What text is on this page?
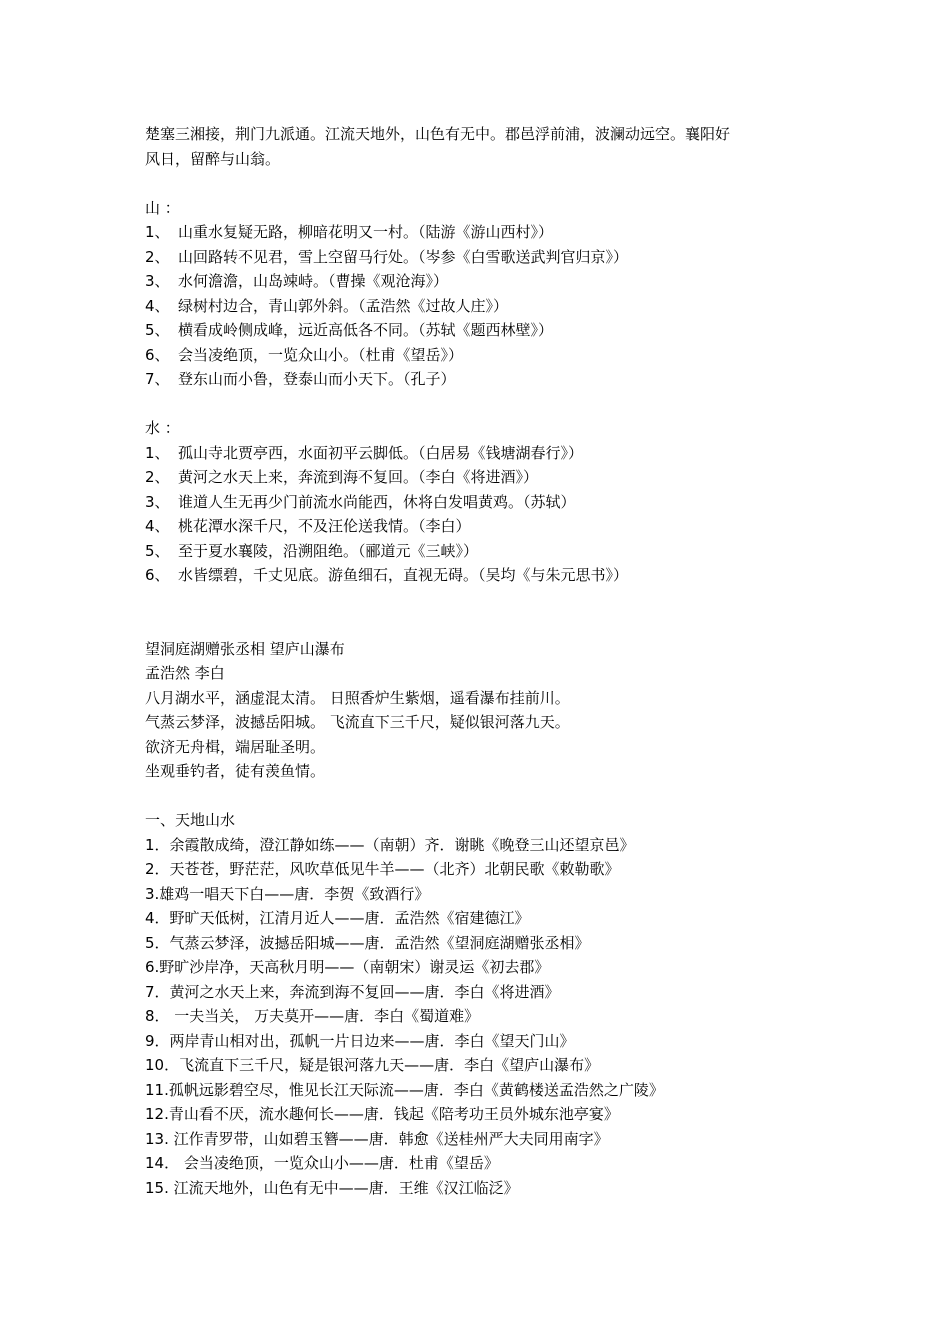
楚塞三湘接，荆门九派通。江流天地外，山色有无中。郡邑浮前浦，波澜动远空。襄阳好
风日，留醉与山翁。
山 ：
1、 山重水复疑无路，柳暗花明又一村。（陆游《游山西村》）
2、 山回路转不见君，雪上空留马行处。（岑参《白雪歌送武判官归京》）
3、 水何澹澹，山岛竦峙。（曹操《观沧海》）
4、 绿树村边合，青山郭外斜。（孟浩然《过故人庄》）
5、 横看成岭侧成峰，远近高低各不同。（苏轼《题西林壁》）
6、 会当凌绝顶，一览众山小。（杜甫《望岳》）
7、 登东山而小鲁，登泰山而小天下。（孔子）
水 ：
1、 孤山寺北贾亭西，水面初平云脚低。（白居易《钱塘湖春行》）
2、 黄河之水天上来，奔流到海不复回。（李白《将进酒》）
3、 谁道人生无再少门前流水尚能西，休将白发唱黄鸡。（苏轼）
4、 桃花潭水深千尺，不及汪伦送我情。（李白）
5、 至于夏水襄陵，沿溯阻绝。（郦道元《三峡》）
6、 水皆缥碧，千丈见底。游鱼细石，直视无碍。（吴均《与朱元思书》）
望洞庭湖赠张丞相 望庐山瀑布
孟浩然 李白
八月湖水平，涵虚混太清。 日照香炉生紫烟，遥看瀑布挂前川。
气蒸云梦泽，波撼岳阳城。 飞流直下三千尺，疑似银河落九天。
欲济无舟楫，端居耻圣明。
坐观垂钓者，徒有羡鱼情。
一、天地山水
1．余霞散成绮，澄江静如练——（南朝）齐．谢眺《晚登三山还望京邑》
2．天苍苍，野茫茫，风吹草低见牛羊——（北齐）北朝民歌《敕勒歌》
3.雄鸡一唱天下白——唐．李贺《致酒行》
4．野旷天低树，江清月近人——唐．孟浩然《宿建德江》
5．气蒸云梦泽，波撼岳阳城——唐．孟浩然《望洞庭湖赠张丞相》
6.野旷沙岸净，天高秋月明——（南朝宋）谢灵运《初去郡》
7．黄河之水天上来，奔流到海不复回——唐．李白《将进酒》
8． 一夫当关， 万夫莫开——唐．李白《蜀道难》
9．两岸青山相对出，孤帆一片日边来——唐．李白《望天门山》
10．飞流直下三千尺，疑是银河落九天——唐．李白《望庐山瀑布》
11.孤帆远影碧空尽，惟见长江天际流——唐．李白《黄鹤楼送孟浩然之广陵》
12.青山看不厌，流水趣何长——唐．钱起《陪考功王员外城东池亭宴》
13. 江作青罗带，山如碧玉簪——唐．韩愈《送桂州严大夫同用南字》
14． 会当凌绝顶，一览众山小——唐．杜甫《望岳》
15. 江流天地外，山色有无中——唐．王维《汉江临泛》
